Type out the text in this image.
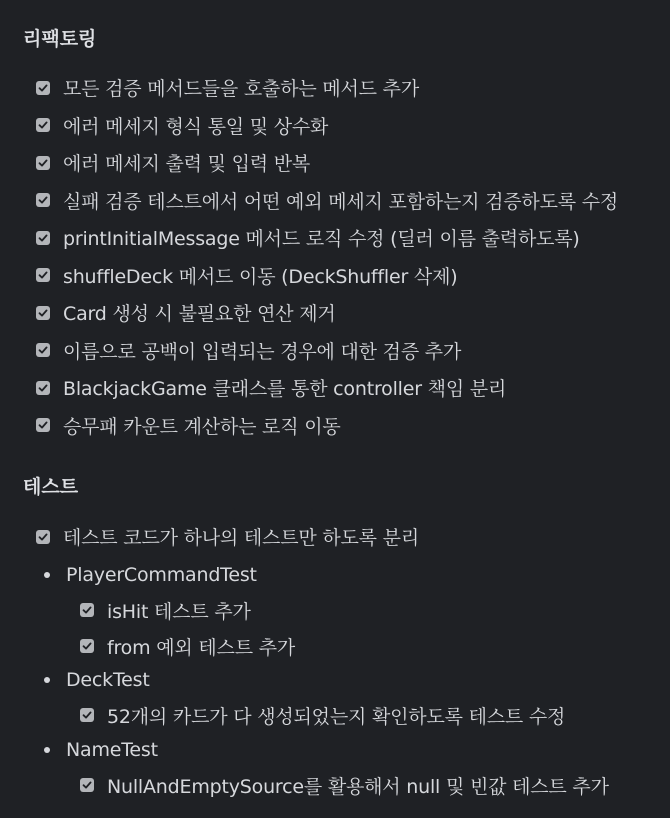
리팩토링
모든 검증 메서드들을 호출하는 메서드 추가
에러 메세지 형식 통일 및 상수화
에러 메세지 출력 및 입력 반복
실패 검증 테스트에서 어떤 예외 메세지 포함하는지 검증하도록 수정
printInitialMessage 메서드 로직 수정 (딜러 이름 출력하도록)
shuffleDeck 메서드 이동 (DeckShuffler 삭제)
Card 생성 시 불필요한 연산 제거
이름으로 공백이 입력되는 경우에 대한 검증 추가
BlackjackGame 클래스를 통한 controller 책임 분리
승무패 카운트 계산하는 로직 이동
테스트
테스트 코드가 하나의 테스트만 하도록 분리
PlayerCommandTest
isHit 테스트 추가
from 예외 테스트 추가
DeckTest
52개의 카드가 다 생성되었는지 확인하도록 테스트 수정
NameTest
NullAndEmptySource를 활용해서 null 및 빈값 테스트 추가
